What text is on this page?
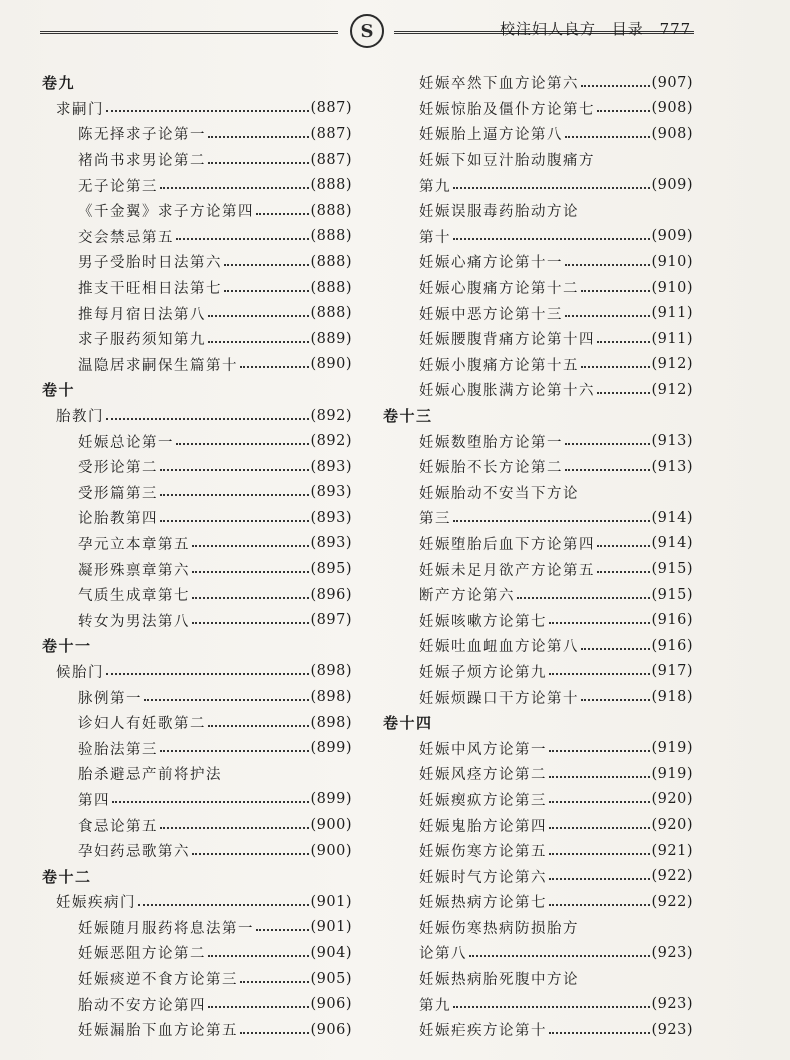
S	校注妇人良方 目录 777
卷九
求嗣门	(887)
陈无择求子论第一	(887)
褚尚书求男论第二	(887)
无子论第三	(888)
《千金翼》求子方论第四	(888)
交会禁忌第五	(888)
男子受胎时日法第六	(888)
推支干旺相日法第七	(888)
推每月宿日法第八	(888)
求子服药须知第九	(889)
温隐居求嗣保生篇第十	(890)
卷十
胎教门	(892)
妊娠总论第一	(892)
受形论第二	(893)
受形篇第三	(893)
论胎教第四	(893)
孕元立本章第五	(893)
凝形殊禀章第六	(895)
气质生成章第七	(896)
转女为男法第八	(897)
卷十一
候胎门	(898)
脉例第一	(898)
诊妇人有妊歌第二	(898)
验胎法第三	(899)
胎杀避忌产前将护法
第四	(899)
食忌论第五	(900)
孕妇药忌歌第六	(900)
卷十二
妊娠疾病门	(901)
妊娠随月服药将息法第一	(901)
妊娠恶阻方论第二	(904)
妊娠痰逆不食方论第三	(905)
胎动不安方论第四	(906)
妊娠漏胎下血方论第五	(906)
妊娠卒然下血方论第六	(907)
妊娠惊胎及僵仆方论第七	(908)
妊娠胎上逼方论第八	(908)
妊娠下如豆汁胎动腹痛方
第九	(909)
妊娠误服毒药胎动方论
第十	(909)
妊娠心痛方论第十一	(910)
妊娠心腹痛方论第十二	(910)
妊娠中恶方论第十三	(911)
妊娠腰腹背痛方论第十四	(911)
妊娠小腹痛方论第十五	(912)
妊娠心腹胀满方论第十六	(912)
卷十三
妊娠数堕胎方论第一	(913)
妊娠胎不长方论第二	(913)
妊娠胎动不安当下方论
第三	(914)
妊娠堕胎后血下方论第四	(914)
妊娠未足月欲产方论第五	(915)
断产方论第六	(915)
妊娠咳嗽方论第七	(916)
妊娠吐血衄血方论第八	(916)
妊娠子烦方论第九	(917)
妊娠烦躁口干方论第十	(918)
卷十四
妊娠中风方论第一	(919)
妊娠风痉方论第二	(919)
妊娠瘈疭方论第三	(920)
妊娠鬼胎方论第四	(920)
妊娠伤寒方论第五	(921)
妊娠时气方论第六	(922)
妊娠热病方论第七	(922)
妊娠伤寒热病防损胎方
论第八	(923)
妊娠热病胎死腹中方论
第九	(923)
妊娠疟疾方论第十	(923)
